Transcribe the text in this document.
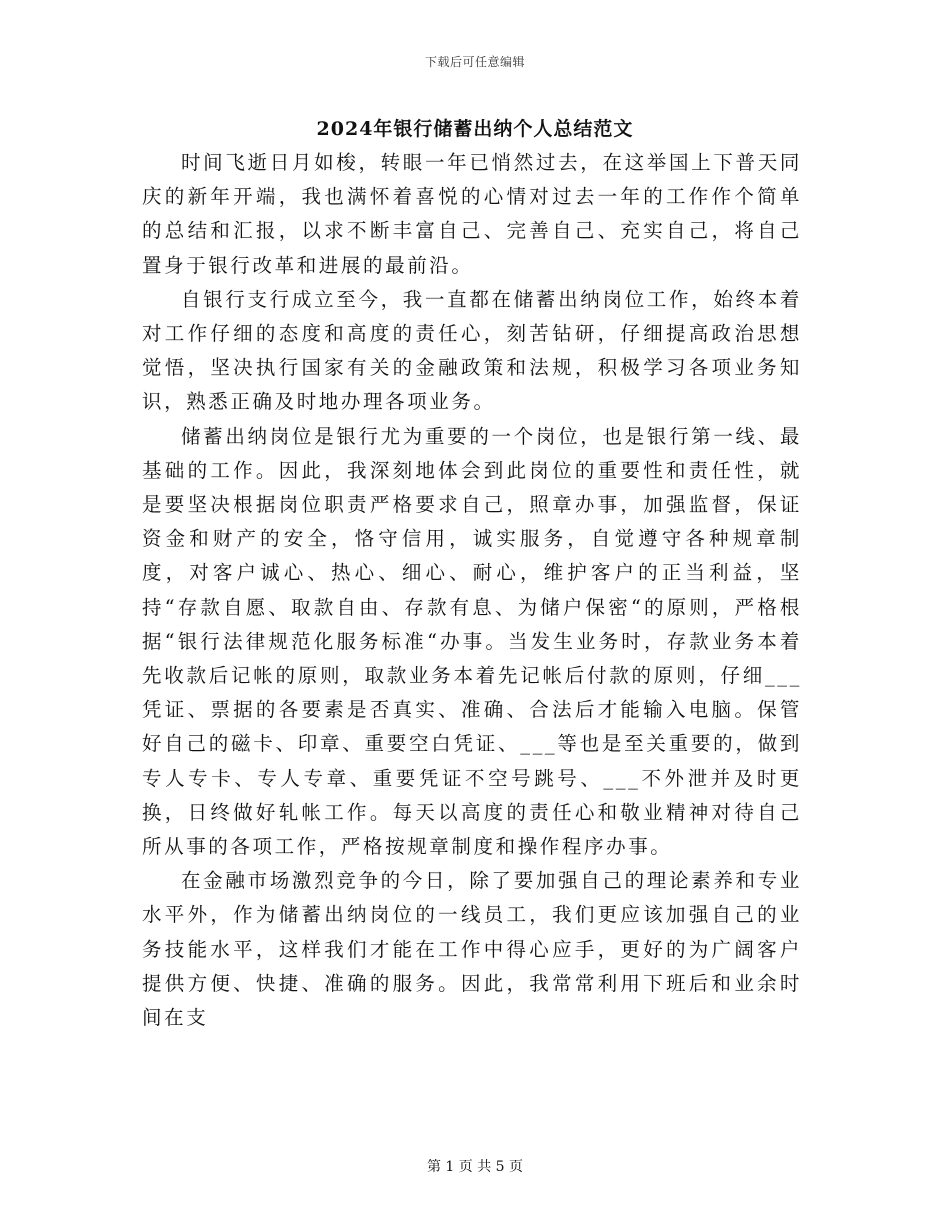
下载后可任意编辑
2024年银行储蓄出纳个人总结范文

时间飞逝日月如梭，转眼一年已悄然过去，在这举国上下普天同庆的新年开端，我也满怀着喜悦的心情对过去一年的工作作个简单的总结和汇报，以求不断丰富自己、完善自己、充实自己，将自己置身于银行改革和进展的最前沿。

自银行支行成立至今，我一直都在储蓄出纳岗位工作，始终本着对工作仔细的态度和高度的责任心，刻苦钻研，仔细提高政治思想觉悟，坚决执行国家有关的金融政策和法规，积极学习各项业务知识，熟悉正确及时地办理各项业务。

储蓄出纳岗位是银行尤为重要的一个岗位，也是银行第一线、最基础的工作。因此，我深刻地体会到此岗位的重要性和责任性，就是要坚决根据岗位职责严格要求自己，照章办事，加强监督，保证资金和财产的安全，恪守信用，诚实服务，自觉遵守各种规章制度，对客户诚心、热心、细心、耐心，维护客户的正当利益，坚持“存款自愿、取款自由、存款有息、为储户保密“的原则，严格根据“银行法律规范化服务标准“办事。当发生业务时，存款业务本着先收款后记帐的原则，取款业务本着先记帐后付款的原则，仔细___凭证、票据的各要素是否真实、准确、合法后才能输入电脑。保管好自己的磁卡、印章、重要空白凭证、___等也是至关重要的，做到专人专卡、专人专章、重要凭证不空号跳号、___不外泄并及时更换，日终做好轧帐工作。每天以高度的责任心和敬业精神对待自己所从事的各项工作，严格按规章制度和操作程序办事。

在金融市场激烈竞争的今日，除了要加强自己的理论素养和专业水平外，作为储蓄出纳岗位的一线员工，我们更应该加强自己的业务技能水平，这样我们才能在工作中得心应手，更好的为广阔客户提供方便、快捷、准确的服务。因此，我常常利用下班后和业余时间在支

第 1 页 共 5 页
